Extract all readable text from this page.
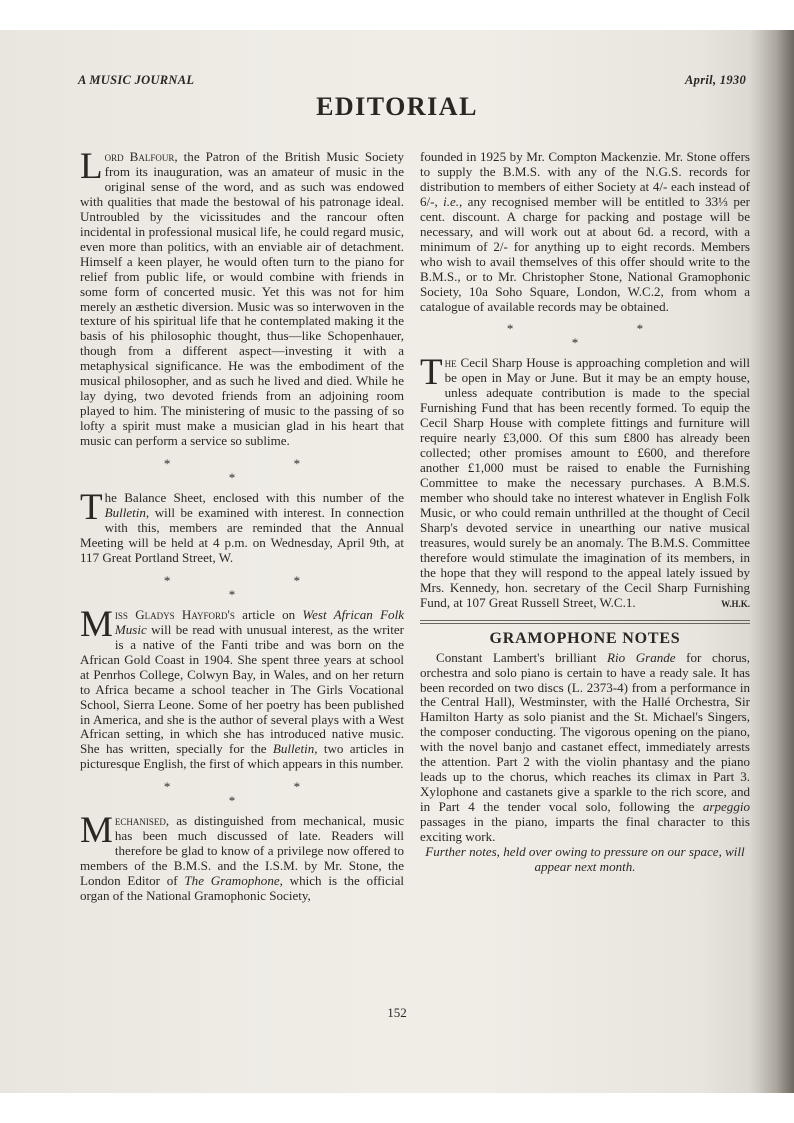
A MUSIC JOURNAL	April, 1930
EDITORIAL

Lord Balfour, the Patron of the British Music Society from its inauguration, was an amateur of music in the original sense of the word, and as such was endowed with qualities that made the bestowal of his patronage ideal. Untroubled by the vicissitudes and the rancour often incidental in professional musical life, he could regard music, even more than politics, with an enviable air of detachment. Himself a keen player, he would often turn to the piano for relief from public life, or would combine with friends in some form of concerted music. Yet this was not for him merely an æsthetic diversion. Music was so interwoven in the texture of his spiritual life that he contemplated making it the basis of his philosophic thought, thus—like Schopenhauer, though from a different aspect—investing it with a metaphysical significance. He was the embodiment of the musical philosopher, and as such he lived and died. While he lay dying, two devoted friends from an adjoining room played to him. The ministering of music to the passing of so lofty a spirit must make a musician glad in his heart that music can perform a service so sublime.

* * *

The Balance Sheet, enclosed with this number of the Bulletin, will be examined with interest. In connection with this, members are reminded that the Annual Meeting will be held at 4 p.m. on Wednesday, April 9th, at 117 Great Portland Street, W.

* * *

Miss Gladys Hayford's article on West African Folk Music will be read with unusual interest, as the writer is a native of the Fanti tribe and was born on the African Gold Coast in 1904. She spent three years at school at Penrhos College, Colwyn Bay, in Wales, and on her return to Africa became a school teacher in The Girls Vocational School, Sierra Leone. Some of her poetry has been published in America, and she is the author of several plays with a West African setting, in which she has introduced native music. She has written, specially for the Bulletin, two articles in picturesque English, the first of which appears in this number.

* * *

Mechanised, as distinguished from mechanical, music has been much discussed of late. Readers will therefore be glad to know of a privilege now offered to members of the B.M.S. and the I.S.M. by Mr. Stone, the London Editor of The Gramophone, which is the official organ of the National Gramophonic Society,

founded in 1925 by Mr. Compton Mackenzie. Mr. Stone offers to supply the B.M.S. with any of the N.G.S. records for distribution to members of either Society at 4/- each instead of 6/-, i.e., any recognised member will be entitled to 33⅓ per cent. discount. A charge for packing and postage will be necessary, and will work out at about 6d. a record, with a minimum of 2/- for anything up to eight records. Members who wish to avail themselves of this offer should write to the B.M.S., or to Mr. Christopher Stone, National Gramophonic Society, 10a Soho Square, London, W.C.2, from whom a catalogue of available records may be obtained.

* * *

The Cecil Sharp House is approaching completion and will be open in May or June. But it may be an empty house, unless adequate contribution is made to the special Furnishing Fund that has been recently formed. To equip the Cecil Sharp House with complete fittings and furniture will require nearly £3,000. Of this sum £800 has already been collected; other promises amount to £600, and therefore another £1,000 must be raised to enable the Furnishing Committee to make the necessary purchases. A B.M.S. member who should take no interest whatever in English Folk Music, or who could remain unthrilled at the thought of Cecil Sharp's devoted service in unearthing our native musical treasures, would surely be an anomaly. The B.M.S. Committee therefore would stimulate the imagination of its members, in the hope that they will respond to the appeal lately issued by Mrs. Kennedy, hon. secretary of the Cecil Sharp Furnishing Fund, at 107 Great Russell Street, W.C.1.	W.H.K.
GRAMOPHONE NOTES

Constant Lambert's brilliant Rio Grande for chorus, orchestra and solo piano is certain to have a ready sale. It has been recorded on two discs (L. 2373-4) from a performance in the Central Hall), Westminster, with the Hallé Orchestra, Sir Hamilton Harty as solo pianist and the St. Michael's Singers, the composer conducting. The vigorous opening on the piano, with the novel banjo and castanet effect, immediately arrests the attention. Part 2 with the violin phantasy and the piano leads up to the chorus, which reaches its climax in Part 3. Xylophone and castanets give a sparkle to the rich score, and in Part 4 the tender vocal solo, following the arpeggio passages in the piano, imparts the final character to this exciting work.

Further notes, held over owing to pressure on our space, will appear next month.

152
